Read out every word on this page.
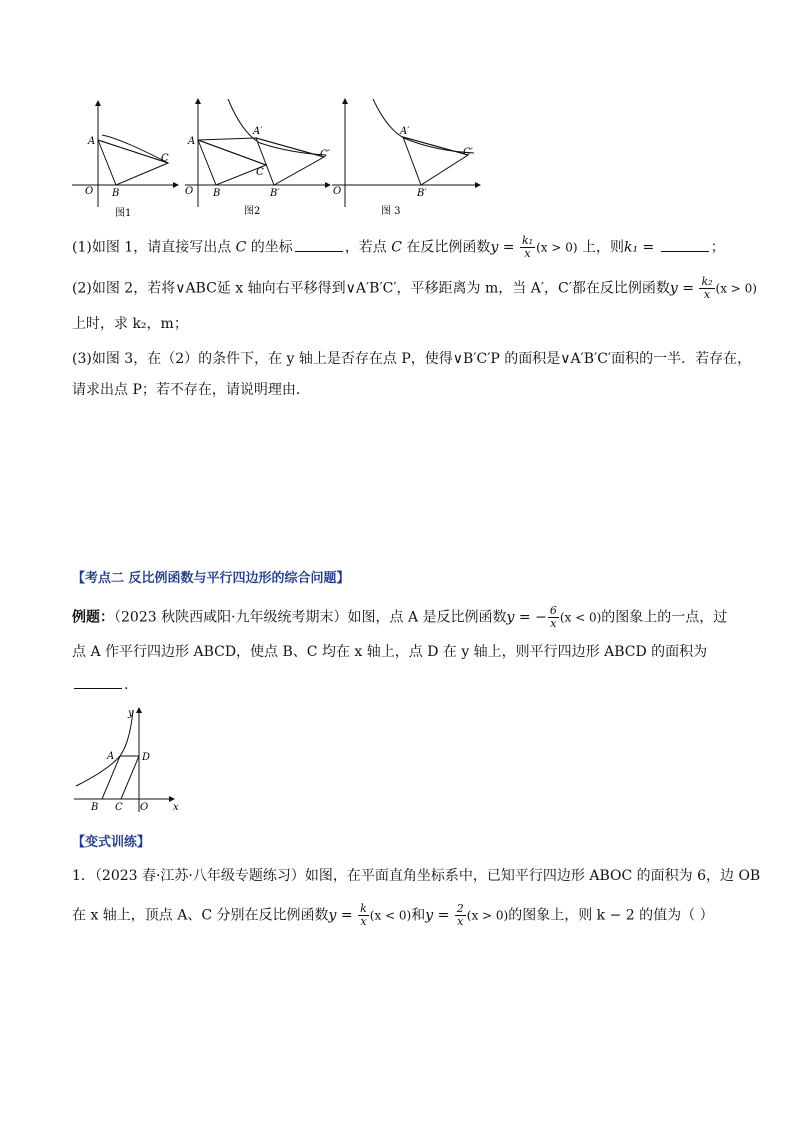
A
C
B
O
图1
A
A′
C
C′
B	B′
O
图2
A′
C′
B′
O
图 3
(1)如图 1，请直接写出点 C 的坐标	，若点 C 在反比例函数$y = \frac{\text{k₁}}{x} (x > 0)$ 上，则k₁ =	；
(2)如图 2，若将∨ABC延 x 轴向右平移得到∨A′B′C′，平移距离为 m，当 A′，C′都在反比例函数$y = \frac{\text{k₂}}{x} (x > 0)$
上时，求 k₂，m；
(3)如图 3，在（2）的条件下，在 y 轴上是否存在点 P，使得∨B′C′P 的面积是∨A′B′C′面积的一半．若存在，
请求出点 P；若不存在，请说明理由．
【考点二 反比例函数与平行四边形的综合问题】
例题：（2023 秋陕西咸阳·九年级统考期末）如图，点 A 是反比例函数y = − $\frac{6}{x} (x < 0)$的图象上的一点，过
点 A 作平行四边形 ABCD，使点 B、C 均在 x 轴上，点 D 在 y 轴上，则平行四边形 ABCD 的面积为
.
y
A	D
B C O x
【变式训练】
1．（2023 春·江苏·八年级专题练习）如图，在平面直角坐标系中，已知平行四边形 ABOC 的面积为 6，边 OB
在 x 轴上，顶点 A、C 分别在反比例函数$y = \frac{k}{x} (x < 0)$和$y = \frac{2}{x} (x > 0)$的图象上，则 k − 2 的值为（ ）
